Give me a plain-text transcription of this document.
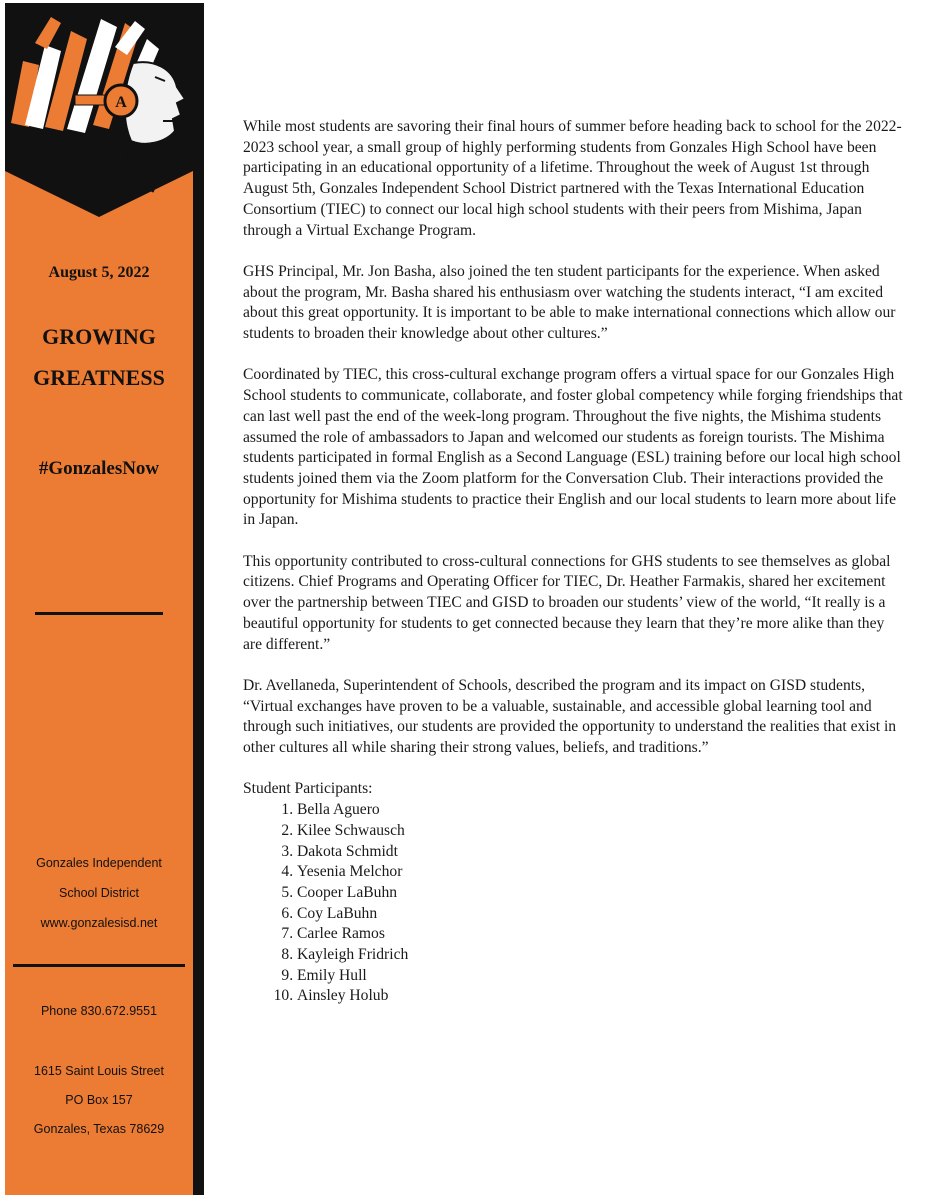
A
August 5, 2022
GROWING
GREATNESS
#GonzalesNow
Gonzales Independent
School District
www.gonzalesisd.net
Phone 830.672.9551
1615 Saint Louis Street
PO Box 157
Gonzales, Texas 78629

While most students are savoring their final hours of summer before heading back to school for the 2022-2023 school year, a small group of highly performing students from Gonzales High School have been participating in an educational opportunity of a lifetime. Throughout the week of August 1st through August 5th, Gonzales Independent School District partnered with the Texas International Education Consortium (TIEC) to connect our local high school students with their peers from Mishima, Japan through a Virtual Exchange Program.

GHS Principal, Mr. Jon Basha, also joined the ten student participants for the experience. When asked about the program, Mr. Basha shared his enthusiasm over watching the students interact, “I am excited about this great opportunity. It is important to be able to make international connections which allow our students to broaden their knowledge about other cultures.”

Coordinated by TIEC, this cross-cultural exchange program offers a virtual space for our Gonzales High School students to communicate, collaborate, and foster global competency while forging friendships that can last well past the end of the week-long program. Throughout the five nights, the Mishima students assumed the role of ambassadors to Japan and welcomed our students as foreign tourists. The Mishima students participated in formal English as a Second Language (ESL) training before our local high school students joined them via the Zoom platform for the Conversation Club. Their interactions provided the opportunity for Mishima students to practice their English and our local students to learn more about life in Japan.

This opportunity contributed to cross-cultural connections for GHS students to see themselves as global citizens. Chief Programs and Operating Officer for TIEC, Dr. Heather Farmakis, shared her excitement over the partnership between TIEC and GISD to broaden our students’ view of the world, “It really is a beautiful opportunity for students to get connected because they learn that they’re more alike than they are different.”

Dr. Avellaneda, Superintendent of Schools, described the program and its impact on GISD students, “Virtual exchanges have proven to be a valuable, sustainable, and accessible global learning tool and through such initiatives, our students are provided the opportunity to understand the realities that exist in other cultures all while sharing their strong values, beliefs, and traditions.”

Student Participants:
1. Bella Aguero
2. Kilee Schwausch
3. Dakota Schmidt
4. Yesenia Melchor
5. Cooper LaBuhn
6. Coy LaBuhn
7. Carlee Ramos
8. Kayleigh Fridrich
9. Emily Hull
10. Ainsley Holub
